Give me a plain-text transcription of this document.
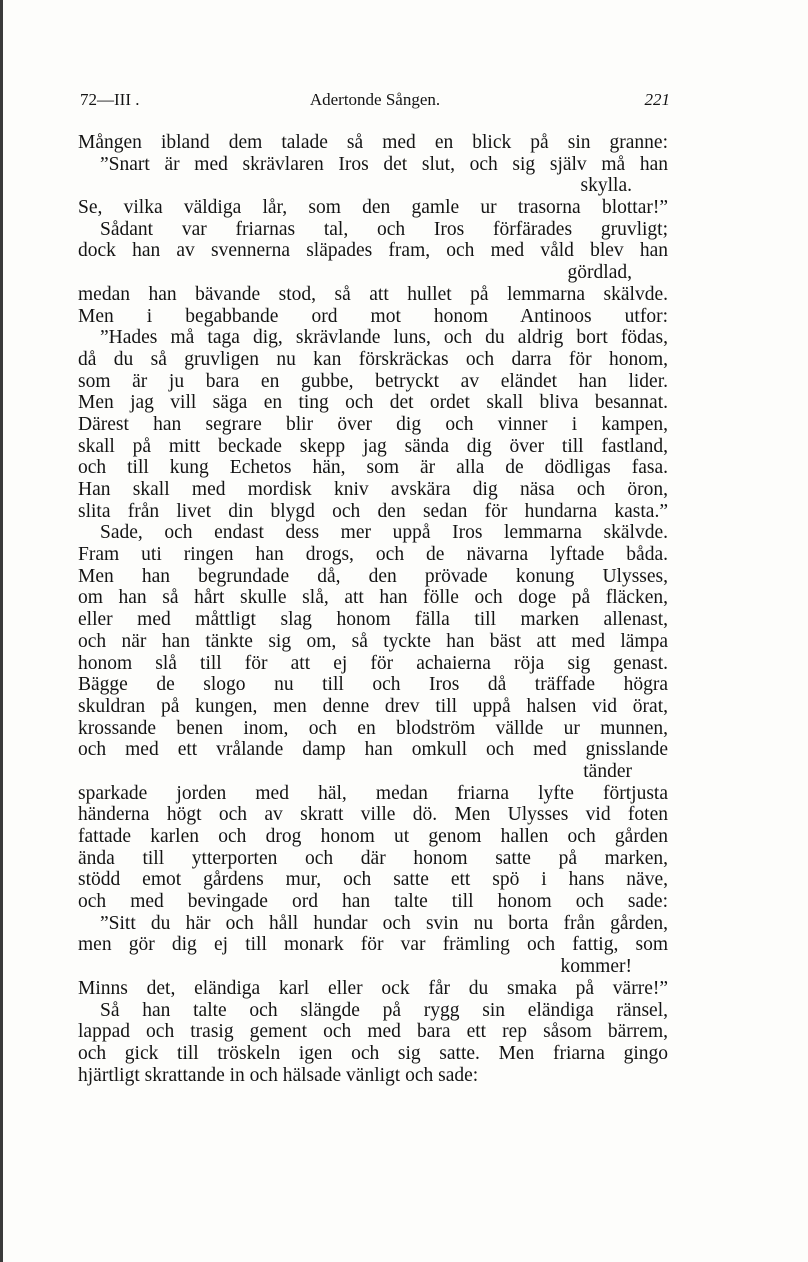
72—III .	Adertonde Sången.	221
Mången ibland dem talade så med en blick på sin granne:
”Snart är med skrävlaren Iros det slut, och sig själv må han
skylla.
Se, vilka väldiga lår, som den gamle ur trasorna blottar!”
Sådant var friarnas tal, och Iros förfärades gruvligt;
dock han av svennerna släpades fram, och med våld blev han
gördlad,
medan han bävande stod, så att hullet på lemmarna skälvde.
Men i begabbande ord mot honom Antinoos utfor:
”Hades må taga dig, skrävlande luns, och du aldrig bort födas,
då du så gruvligen nu kan förskräckas och darra för honom,
som är ju bara en gubbe, betryckt av eländet han lider.
Men jag vill säga en ting och det ordet skall bliva besannat.
Därest han segrare blir över dig och vinner i kampen,
skall på mitt beckade skepp jag sända dig över till fastland,
och till kung Echetos hän, som är alla de dödligas fasa.
Han skall med mordisk kniv avskära dig näsa och öron,
slita från livet din blygd och den sedan för hundarna kasta.”
Sade, och endast dess mer uppå Iros lemmarna skälvde.
Fram uti ringen han drogs, och de nävarna lyftade båda.
Men han begrundade då, den prövade konung Ulysses,
om han så hårt skulle slå, att han fölle och doge på fläcken,
eller med måttligt slag honom fälla till marken allenast,
och när han tänkte sig om, så tyckte han bäst att med lämpa
honom slå till för att ej för achaierna röja sig genast.
Bägge de slogo nu till och Iros då träffade högra
skuldran på kungen, men denne drev till uppå halsen vid örat,
krossande benen inom, och en blodström vällde ur munnen,
och med ett vrålande damp han omkull och med gnisslande
tänder
sparkade jorden med häl, medan friarna lyfte förtjusta
händerna högt och av skratt ville dö. Men Ulysses vid foten
fattade karlen och drog honom ut genom hallen och gården
ända till ytterporten och där honom satte på marken,
stödd emot gårdens mur, och satte ett spö i hans näve,
och med bevingade ord han talte till honom och sade:
”Sitt du här och håll hundar och svin nu borta från gården,
men gör dig ej till monark för var främling och fattig, som
kommer!
Minns det, eländiga karl eller ock får du smaka på värre!”
Så han talte och slängde på rygg sin eländiga ränsel,
lappad och trasig gement och med bara ett rep såsom bärrem,
och gick till tröskeln igen och sig satte. Men friarna gingo
hjärtligt skrattande in och hälsade vänligt och sade:
